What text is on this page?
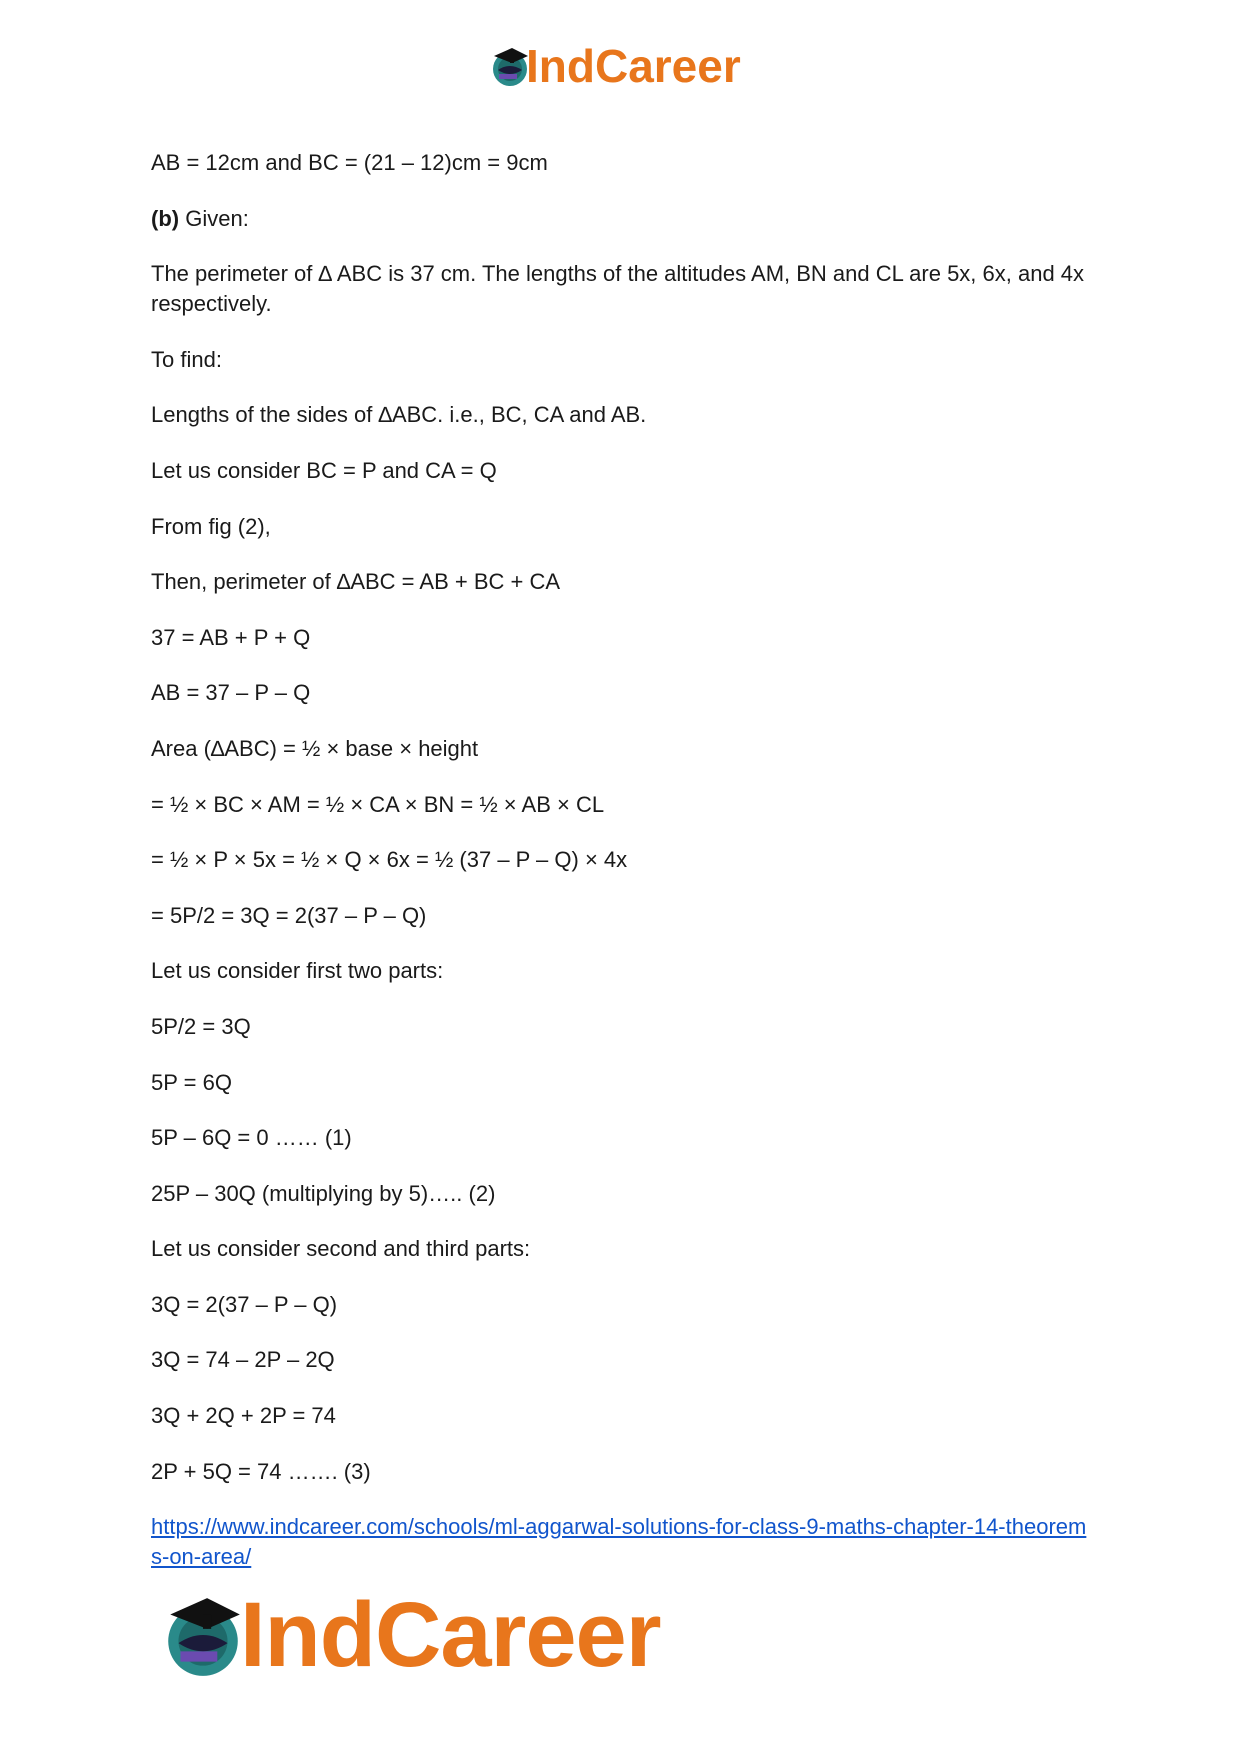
IndCareer

AB = 12cm and BC = (21 – 12)cm = 9cm

(b) Given:

The perimeter of ∆ ABC is 37 cm. The lengths of the altitudes AM, BN and CL are 5x, 6x, and 4x respectively.

To find:

Lengths of the sides of ∆ABC. i.e., BC, CA and AB.

Let us consider BC = P and CA = Q

From fig (2),

Then, perimeter of ∆ABC = AB + BC + CA

37 = AB + P + Q

AB = 37 – P – Q

Area (∆ABC) = ½ × base × height

= ½ × BC × AM = ½ × CA × BN = ½ × AB × CL

= ½ × P × 5x = ½ × Q × 6x = ½ (37 – P – Q) × 4x

= 5P/2 = 3Q = 2(37 – P – Q)

Let us consider first two parts:

5P/2 = 3Q

5P = 6Q

5P – 6Q = 0 …… (1)

25P – 30Q (multiplying by 5)….. (2)

Let us consider second and third parts:

3Q = 2(37 – P – Q)

3Q = 74 – 2P – 2Q

3Q + 2Q + 2P = 74

2P + 5Q = 74 ……. (3)

https://www.indcareer.com/schools/ml-aggarwal-solutions-for-class-9-maths-chapter-14-theorems-on-area/
IndCareer
